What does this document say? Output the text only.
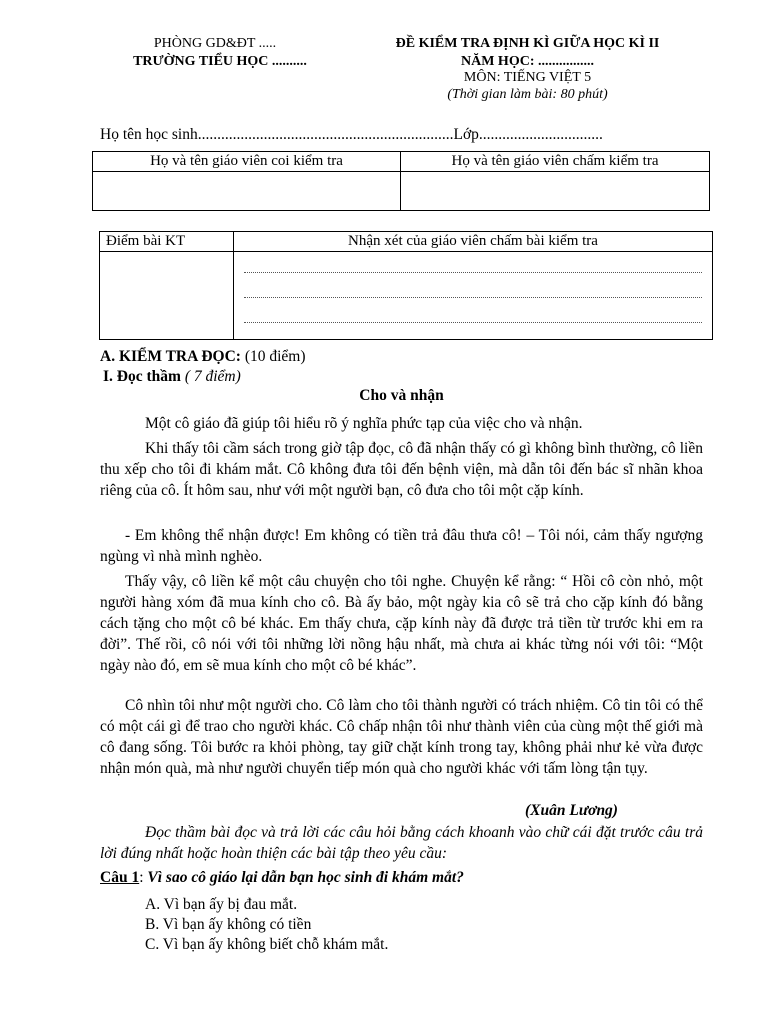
PHÒNG GD&ĐT .....
TRƯỜNG TIỂU HỌC ..........
ĐỀ KIỂM TRA ĐỊNH KÌ GIỮA HỌC KÌ II
NĂM HỌC: ................
MÔN: TIẾNG VIỆT 5
(Thời gian làm bài: 80 phút)
Họ tên học sinh..................................................................Lớp................................
Họ và tên giáo viên coi kiểm tra	Họ và tên giáo viên chấm kiểm tra

Điểm bài KT	Nhận xét của giáo viên chấm bài kiểm tra

A. KIỂM TRA ĐỌC: (10 điểm)
I. Đọc thầm ( 7 điểm)
Cho và nhận
Một cô giáo đã giúp tôi hiểu rõ ý nghĩa phức tạp của việc cho và nhận.
Khi thấy tôi cầm sách trong giờ tập đọc, cô đã nhận thấy có gì không bình thường, cô liền thu xếp cho tôi đi khám mắt. Cô không đưa tôi đến bệnh viện, mà dẫn tôi đến bác sĩ nhãn khoa riêng của cô. Ít hôm sau, như với một người bạn, cô đưa cho tôi một cặp kính.
- Em không thể nhận được! Em không có tiền trả đâu thưa cô! – Tôi nói, cảm thấy ngượng ngùng vì nhà mình nghèo.
Thấy vậy, cô liền kể một câu chuyện cho tôi nghe. Chuyện kể rằng: “ Hồi cô còn nhỏ, một người hàng xóm đã mua kính cho cô. Bà ấy bảo, một ngày kia cô sẽ trả cho cặp kính đó bằng cách tặng cho một cô bé khác. Em thấy chưa, cặp kính này đã được trả tiền từ trước khi em ra đời”. Thế rồi, cô nói với tôi những lời nồng hậu nhất, mà chưa ai khác từng nói với tôi: “Một ngày nào đó, em sẽ mua kính cho một cô bé khác”.
Cô nhìn tôi như một người cho. Cô làm cho tôi thành người có trách nhiệm. Cô tin tôi có thể có một cái gì để trao cho người khác. Cô chấp nhận tôi như thành viên của cùng một thế giới mà cô đang sống. Tôi bước ra khỏi phòng, tay giữ chặt kính trong tay, không phải như kẻ vừa được nhận món quà, mà như người chuyển tiếp món quà cho người khác với tấm lòng tận tụy.
(Xuân Lương)
Đọc thầm bài đọc và trả lời các câu hỏi bằng cách khoanh vào chữ cái đặt trước câu trả lời đúng nhất hoặc hoàn thiện các bài tập theo yêu cầu:
Câu 1: Vì sao cô giáo lại dẫn bạn học sinh đi khám mắt?
A. Vì bạn ấy bị đau mắt.
B. Vì bạn ấy không có tiền
C. Vì bạn ấy không biết chỗ khám mắt.
